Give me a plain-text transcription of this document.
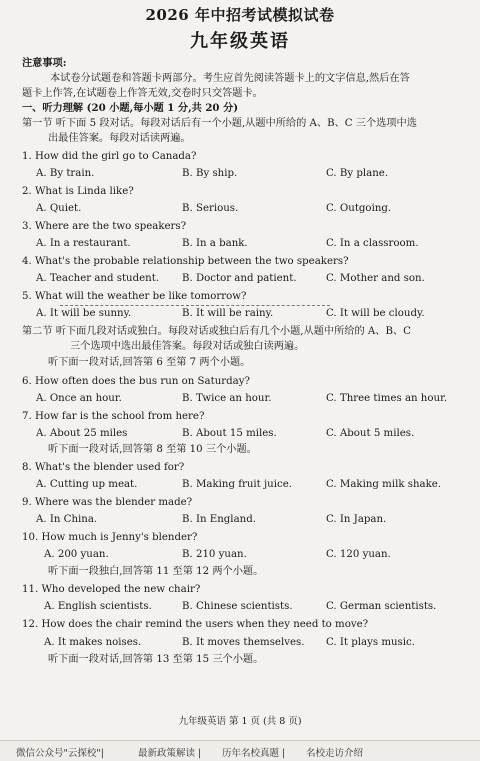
2026 年中招考试模拟试卷
九年级英语
注意事项:
本试卷分试题卷和答题卡两部分。考生应首先阅读答题卡上的文字信息,然后在答
题卡上作答,在试题卷上作答无效,交卷时只交答题卡。
一、听力理解 (20 小题,每小题 1 分,共 20 分)
第一节 听下面 5 段对话。每段对话后有一个小题,从题中所给的 A、B、C 三个选项中选
出最佳答案。每段对话读两遍。
1. How did the girl go to Canada?
A. By train.	B. By ship.	C. By plane.
2. What is Linda like?
A. Quiet.	B. Serious.	C. Outgoing.
3. Where are the two speakers?
A. In a restaurant.	B. In a bank.	C. In a classroom.
4. What's the probable relationship between the two speakers?
A. Teacher and student. B. Doctor and patient.	C. Mother and son.
5. What will the weather be like tomorrow?
A. It will be sunny.	B. It will be rainy.	C. It will be cloudy.
第二节 听下面几段对话或独白。每段对话或独白后有几个小题,从题中所给的 A、B、C
三个选项中选出最佳答案。每段对话或独白读两遍。
听下面一段对话,回答第 6 至第 7 两个小题。
6. How often does the bus run on Saturday?
A. Once an hour.	B. Twice an hour.	C. Three times an hour.
7. How far is the school from here?
A. About 25 miles	B. About 15 miles.	C. About 5 miles.
听下面一段对话,回答第 8 至第 10 三个小题。
8. What's the blender used for?
A. Cutting up meat.	B. Making fruit juice.	C. Making milk shake.
9. Where was the blender made?
A. In China.	B. In England.	C. In Japan.
10. How much is Jenny's blender?
A. 200 yuan.	B. 210 yuan.	C. 120 yuan.
听下面一段独白,回答第 11 至第 12 两个小题。
11. Who developed the new chair?
A. English scientists.	B. Chinese scientists.	C. German scientists.
12. How does the chair remind the users when they need to move?
A. It makes noises.	B. It moves themselves. C. It plays music.
听下面一段对话,回答第 13 至第 15 三个小题。
九年级英语 第 1 页 (共 8 页)
微信公众号"云探校"|	最新政策解读 | 历年名校真题 | 名校走访介绍
